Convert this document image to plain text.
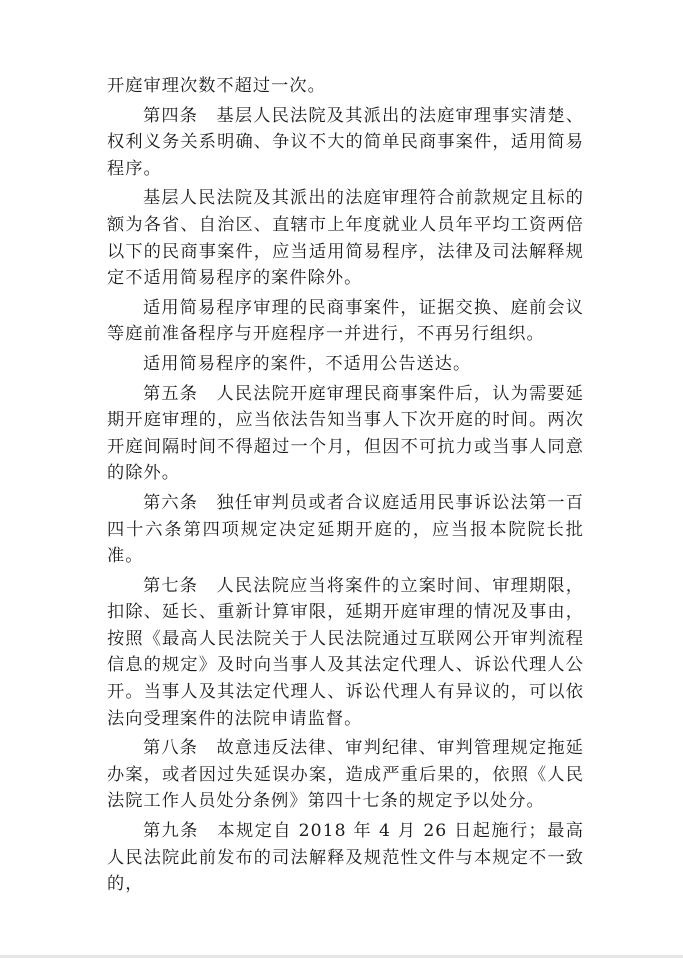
开庭审理次数不超过一次。

第四条　基层人民法院及其派出的法庭审理事实清楚、权利义务关系明确、争议不大的简单民商事案件，适用简易程序。

基层人民法院及其派出的法庭审理符合前款规定且标的额为各省、自治区、直辖市上年度就业人员年平均工资两倍以下的民商事案件，应当适用简易程序，法律及司法解释规定不适用简易程序的案件除外。

适用简易程序审理的民商事案件，证据交换、庭前会议等庭前准备程序与开庭程序一并进行，不再另行组织。

适用简易程序的案件，不适用公告送达。

第五条　人民法院开庭审理民商事案件后，认为需要延期开庭审理的，应当依法告知当事人下次开庭的时间。两次开庭间隔时间不得超过一个月，但因不可抗力或当事人同意的除外。

第六条　独任审判员或者合议庭适用民事诉讼法第一百四十六条第四项规定决定延期开庭的，应当报本院院长批准。

第七条　人民法院应当将案件的立案时间、审理期限，扣除、延长、重新计算审限，延期开庭审理的情况及事由，按照《最高人民法院关于人民法院通过互联网公开审判流程信息的规定》及时向当事人及其法定代理人、诉讼代理人公开。当事人及其法定代理人、诉讼代理人有异议的，可以依法向受理案件的法院申请监督。

第八条　故意违反法律、审判纪律、审判管理规定拖延办案，或者因过失延误办案，造成严重后果的，依照《人民法院工作人员处分条例》第四十七条的规定予以处分。

第九条　本规定自 2018 年 4 月 26 日起施行；最高人民法院此前发布的司法解释及规范性文件与本规定不一致的，
